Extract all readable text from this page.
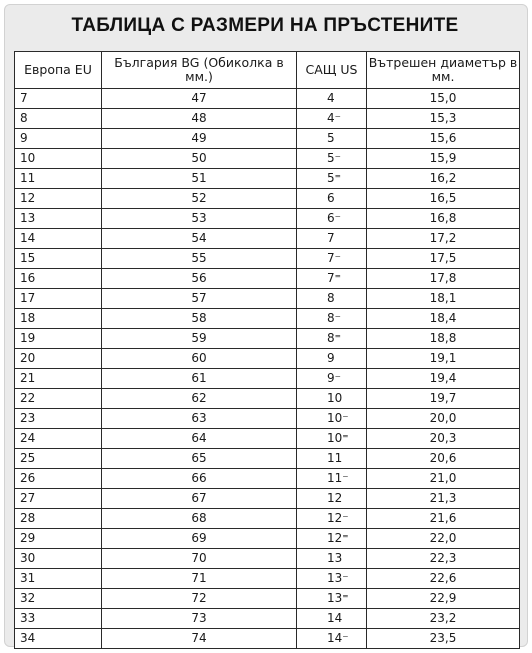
ТАБЛИЦА С РАЗМЕРИ НА ПРЪСТЕНИТЕ
Европа EU	България BG (Обиколка в мм.)	САЩ US	Вътрешен диаметър в мм.
7	47	4	15,0
8	48	4⁻	15,3
9	49	5	15,6
10	50	5⁻	15,9
11	51	5⁼	16,2
12	52	6	16,5
13	53	6⁻	16,8
14	54	7	17,2
15	55	7⁻	17,5
16	56	7⁼	17,8
17	57	8	18,1
18	58	8⁻	18,4
19	59	8⁼	18,8
20	60	9	19,1
21	61	9⁻	19,4
22	62	10	19,7
23	63	10⁻	20,0
24	64	10⁼	20,3
25	65	11	20,6
26	66	11⁻	21,0
27	67	12	21,3
28	68	12⁻	21,6
29	69	12⁼	22,0
30	70	13	22,3
31	71	13⁻	22,6
32	72	13⁼	22,9
33	73	14	23,2
34	74	14⁻	23,5
